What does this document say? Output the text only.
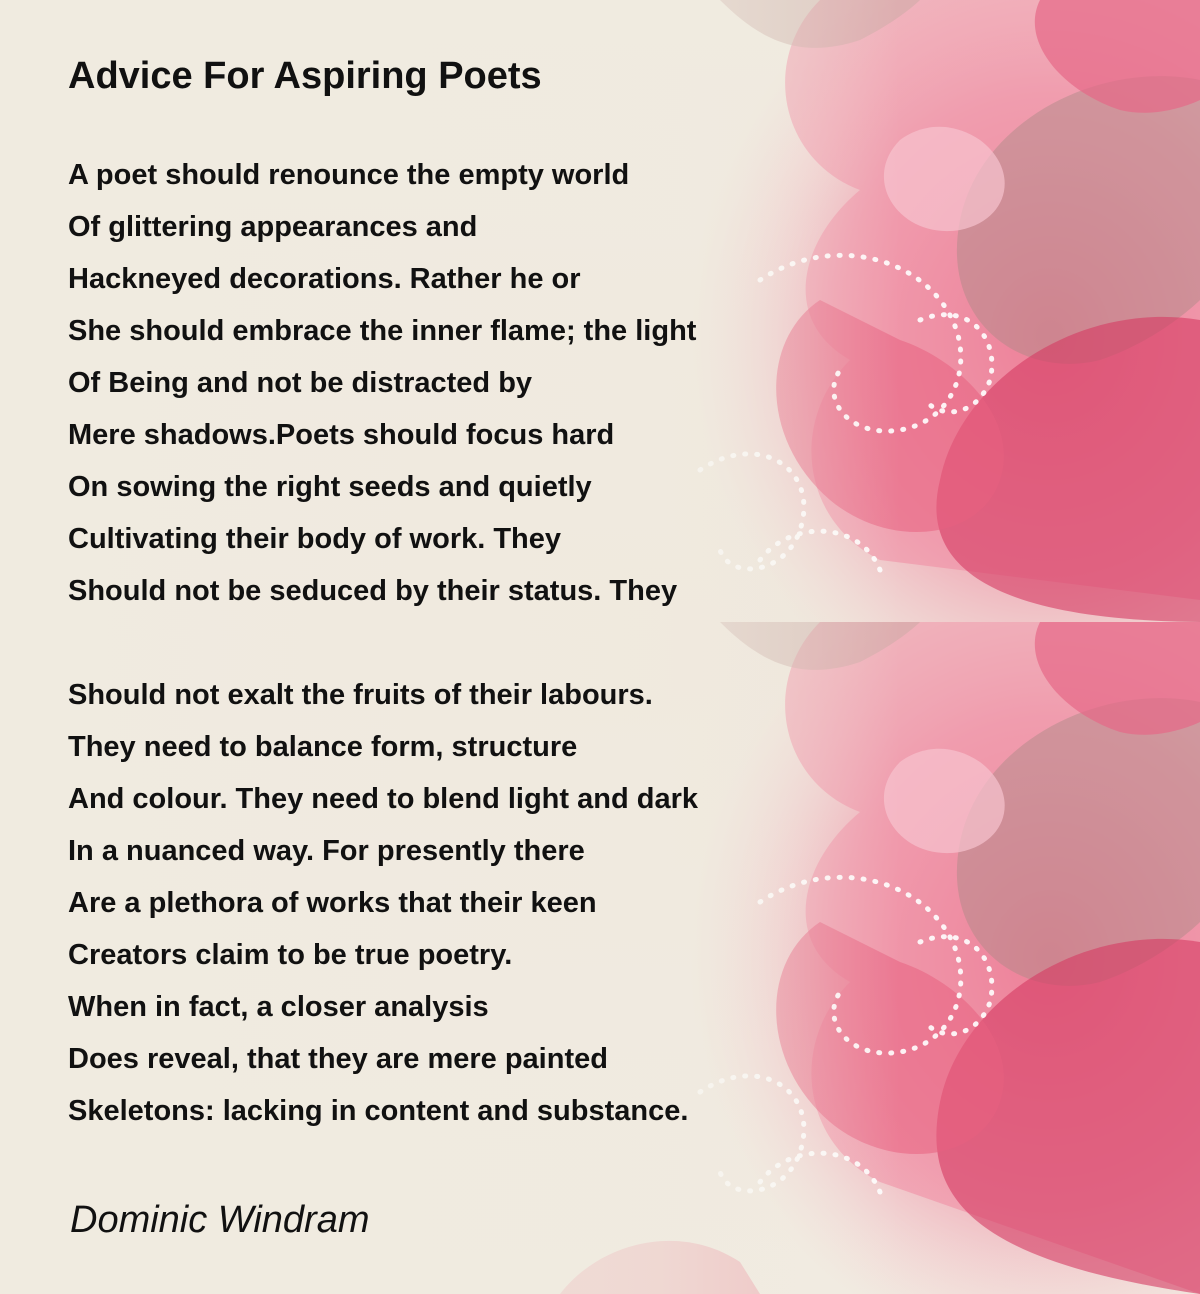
Advice For Aspiring Poets
A poet should renounce the empty world
Of glittering appearances and
Hackneyed decorations. Rather he or
She should embrace the inner flame; the light
Of Being and not be distracted by
Mere shadows.Poets should focus hard
On sowing the right seeds and quietly
Cultivating their body of work. They
Should not be seduced by their status. They
Should not exalt the fruits of their labours.
They need to balance form, structure
And colour. They need to blend light and dark
In a nuanced way. For presently there
Are a plethora of works that their keen
Creators claim to be true poetry.
When in fact, a closer analysis
Does reveal, that they are mere painted
Skeletons: lacking in content and substance.

Dominic Windram
